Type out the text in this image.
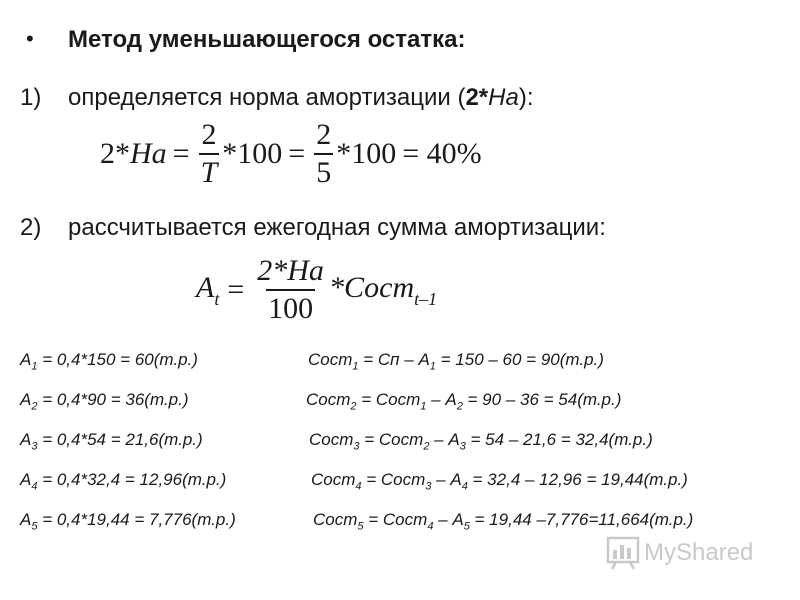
• Метод уменьшающегося остатка:
1) определяется норма амортизации (2*На):
2* На = $\frac{2}{T} *100 = \frac{2}{5} *100 = 40\%$
2) рассчитывается ежегодная сумма амортизации:
$A_t = \frac{2*На}{100}$ *Сост$_{t-1}$
$А_1 = 0,4*150 = 60(т.р.)$	Сост$_1$ = Сп – $А_1 = 150 - 60 = 90(т.р.)$
$А_2 = 0,4*90 = 36(т.р.)$	Сост$_2$ = Сост$_1$ – $А_2 = 90 - 36 = 54(т.р.)$
$А_3 = 0,4*54 = 21,6(т.р.)$	Сост$_3$ = Сост$_2$ – $А_3 = 54 - 21,6 = 32,4(т.р.)$
$А_4 = 0,4*32,4 = 12,96(т.р.)$	Сост$_4$ = Сост$_3$ – $А_4 = 32,4 - 12,96 = 19,44(т.р.)$
$А_5 = 0,4*19,44 = 7,776(т.р.)$	Сост$_5$ = Сост$_4$ – $А_5 = 19,44$ –7,776=11,664(т.р.)
MyShared
